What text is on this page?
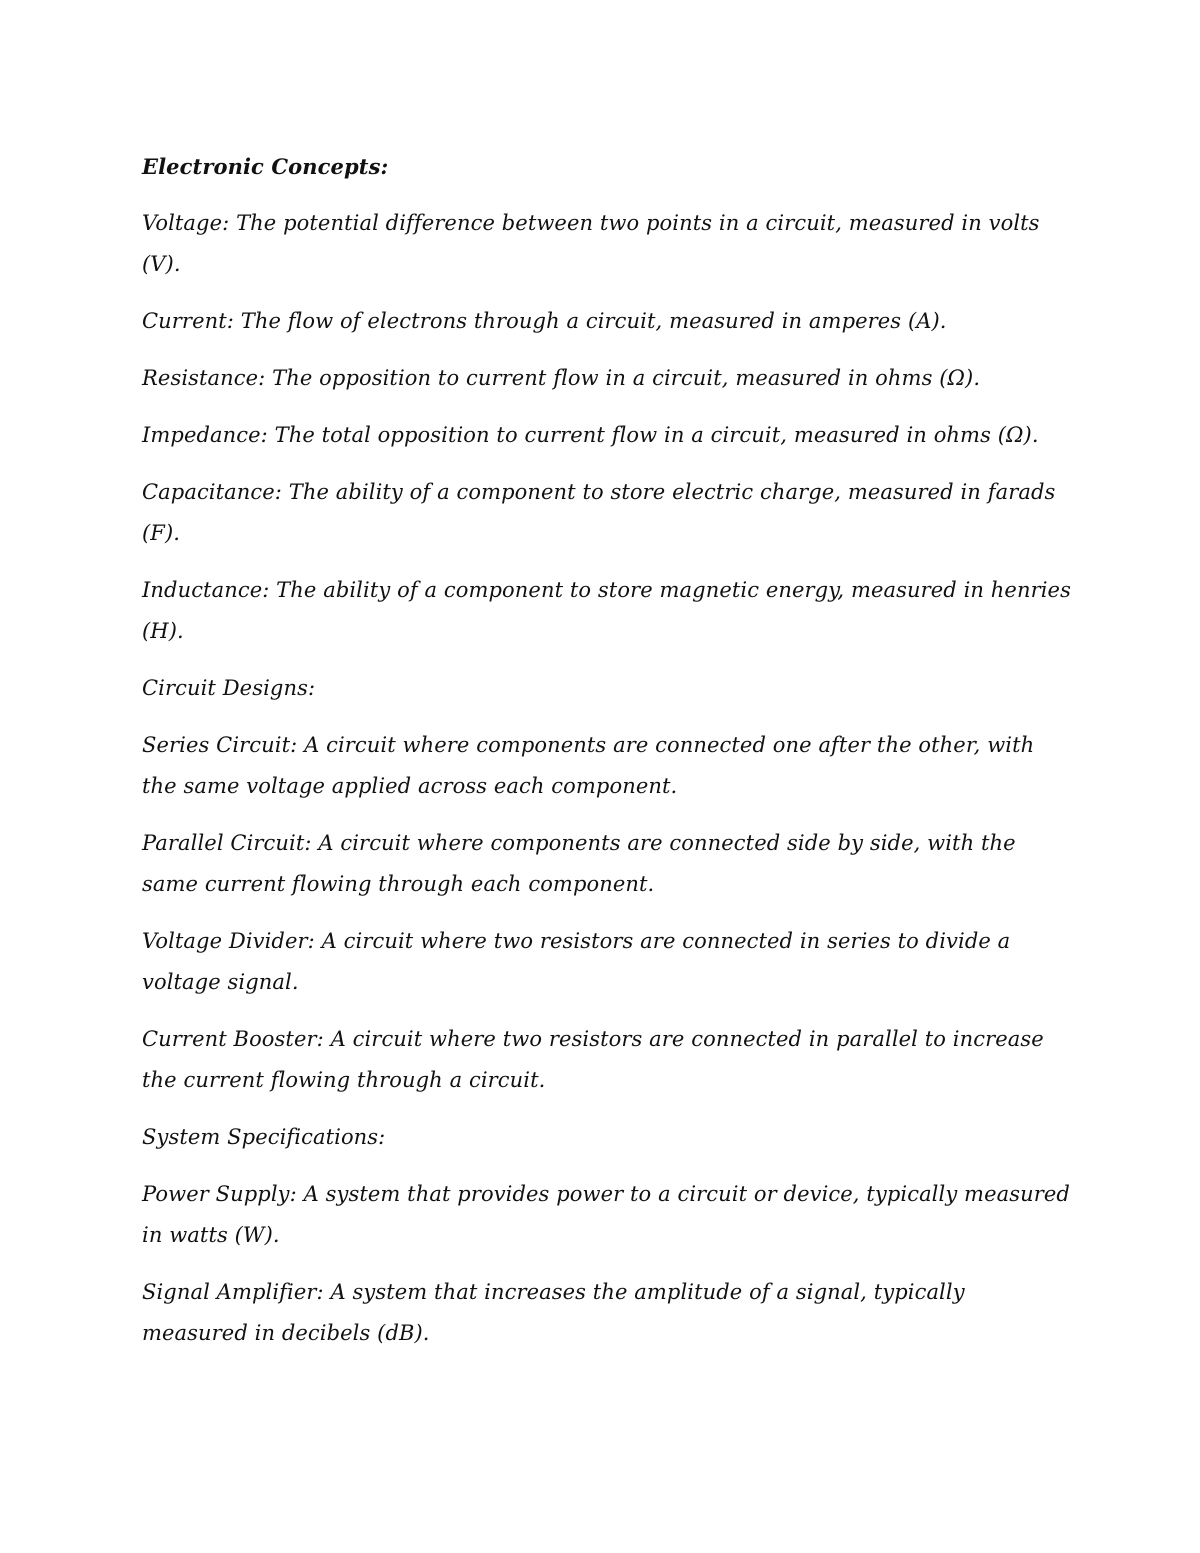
Electronic Concepts:
Voltage: The potential difference between two points in a circuit, measured in volts (V).
Current: The flow of electrons through a circuit, measured in amperes (A).
Resistance: The opposition to current flow in a circuit, measured in ohms (Ω).
Impedance: The total opposition to current flow in a circuit, measured in ohms (Ω).
Capacitance: The ability of a component to store electric charge, measured in farads (F).
Inductance: The ability of a component to store magnetic energy, measured in henries (H).
Circuit Designs:
Series Circuit: A circuit where components are connected one after the other, with the same voltage applied across each component.
Parallel Circuit: A circuit where components are connected side by side, with the same current flowing through each component.
Voltage Divider: A circuit where two resistors are connected in series to divide a voltage signal.
Current Booster: A circuit where two resistors are connected in parallel to increase the current flowing through a circuit.
System Specifications:
Power Supply: A system that provides power to a circuit or device, typically measured in watts (W).
Signal Amplifier: A system that increases the amplitude of a signal, typically measured in decibels (dB).
